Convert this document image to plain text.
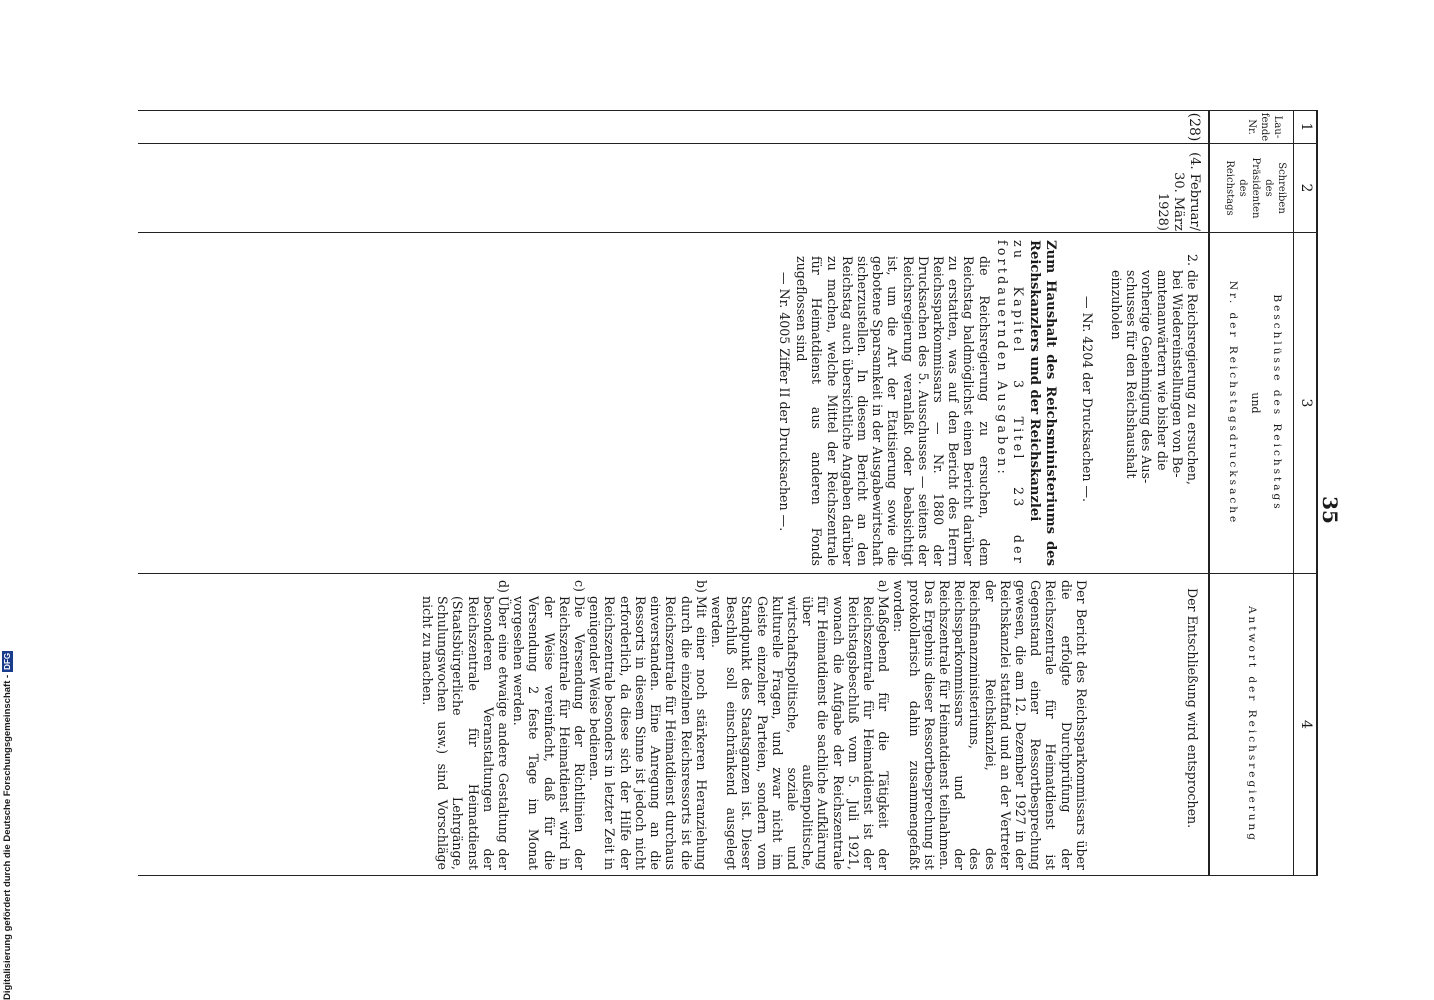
35
1
2
3
4
Lau-
fende
Nr.
Schreiben
des
Präsidenten
des
Reichstags
Beschlüsse des Reichstags
und
Nr. der Reichstagsdrucksache
Antwort der Reichsregierung
(28)
(4. Februar/
30. März
1928)
2. die Reichsregierung zu ersuchen,
bei Wiedereinstellungen von Be-
amtenanwärtern wie bisher die
vorherige Genehmigung des Aus-
schusses für den Reichshaushalt
einzuholen
— Nr. 4204 der Drucksachen —.
Zum Haushalt des Reichsministeriums des Reichskanzlers und der Reichskanzlei
zu Kapitel 3 Titel 23 der fortdauernden Ausgaben:
die Reichsregierung zu ersuchen, dem Reichstag baldmöglichst einen Bericht darüber zu erstatten, was auf den Bericht des Herrn Reichssparkommissars — Nr. 1880 der Drucksachen des 5. Ausschusses — seitens der Reichsregierung veranlaßt oder beabsichtigt ist, um die Art der Etatisierung sowie die gebotene Sparsamkeit in der Ausgabewirtschaft sicherzustellen. In diesem Bericht an den Reichstag auch übersichtliche Angaben darüber zu machen, welche Mittel der Reichszentrale für Heimatdienst aus anderen Fonds zugeflossen sind
— Nr. 4005 Ziffer II der Drucksachen —.
Der Entschließung wird entsprochen.
Der Bericht des Reichssparkommissars über die erfolgte Durchprüfung der Reichszentrale für Heimatdienst ist Gegenstand einer Ressortbesprechung gewesen, die am 12. Dezember 1927 in der Reichskanzlei stattfand und an der Vertreter der Reichskanzlei, des Reichsfinanzministeriums, des Reichssparkommissars und der Reichszentrale für Heimatdienst teilnahmen. Das Ergebnis dieser Ressortbesprechung ist protokollarisch dahin zusammengefaßt worden:
a)
Maßgebend für die Tätigkeit der Reichszentrale für Heimatdienst ist der Reichstagsbeschluß vom 5. Juli 1921, wonach die Aufgabe der Reichszentrale für Heimatdienst die sachliche Aufklärung über außenpolitische, wirtschaftspolitische, soziale und kulturelle Fragen, und zwar nicht im Geiste einzelner Parteien, sondern vom Standpunkt des Staatsganzen ist. Dieser Beschluß soll einschränkend ausgelegt werden.
b)
Mit einer noch stärkeren Heranziehung durch die einzelnen Reichsressorts ist die Reichszentrale für Heimatdienst durchaus einverstanden. Eine Anregung an die Ressorts in diesem Sinne ist jedoch nicht erforderlich, da diese sich der Hilfe der Reichszentrale besonders in letzter Zeit in genügender Weise bedienen.
c)
Die Versendung der Richtlinien der Reichszentrale für Heimatdienst wird in der Weise vereinfacht, daß für die Versendung 2 feste Tage im Monat vorgesehen werden.
d)
Über eine etwaige andere Gestaltung der besonderen Veranstaltungen der Reichszentrale für Heimatdienst (Staatsbürgerliche Lehrgänge, Schulungswochen usw.) sind Vorschläge nicht zu machen.
Digitalisierung gefördert durch die Deutsche Forschungsgemeinschaft -
DFG
